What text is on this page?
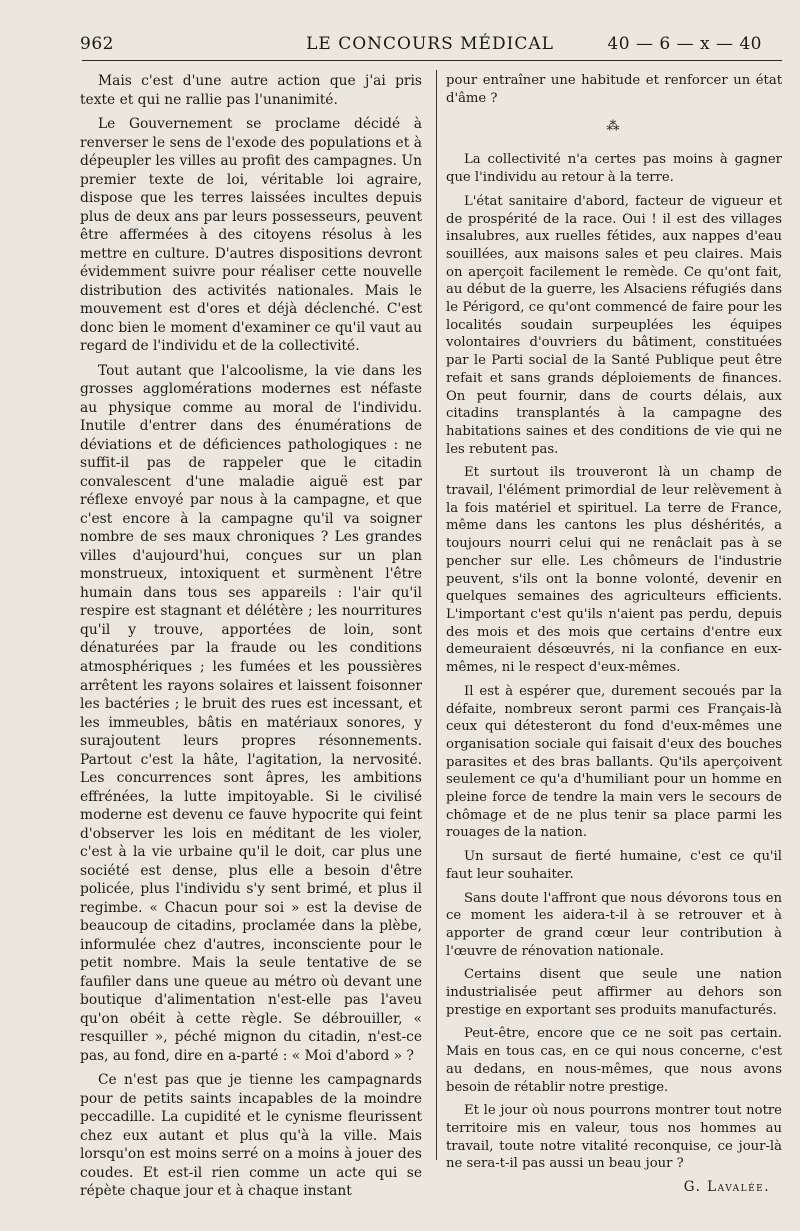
962	LE CONCOURS MÉDICAL	40 — 6 — x — 40

Mais c'est d'une autre action que j'ai pris texte et qui ne rallie pas l'unanimité.

Le Gouvernement se proclame décidé à renverser le sens de l'exode des populations et à dépeupler les villes au profit des campagnes. Un premier texte de loi, véritable loi agraire, dispose que les terres laissées incultes depuis plus de deux ans par leurs possesseurs, peuvent être affermées à des citoyens résolus à les mettre en culture. D'autres dispositions devront évidemment suivre pour réaliser cette nouvelle distribution des activités nationales. Mais le mouvement est d'ores et déjà déclenché. C'est donc bien le moment d'examiner ce qu'il vaut au regard de l'individu et de la collectivité.

Tout autant que l'alcoolisme, la vie dans les grosses agglomérations modernes est néfaste au physique comme au moral de l'individu. Inutile d'entrer dans des énumérations de déviations et de déficiences pathologiques : ne suffit-il pas de rappeler que le citadin convalescent d'une maladie aiguë est par réflexe envoyé par nous à la campagne, et que c'est encore à la campagne qu'il va soigner nombre de ses maux chroniques ? Les grandes villes d'aujourd'hui, conçues sur un plan monstrueux, intoxiquent et surmènent l'être humain dans tous ses appareils : l'air qu'il respire est stagnant et délétère ; les nourritures qu'il y trouve, apportées de loin, sont dénaturées par la fraude ou les conditions atmosphériques ; les fumées et les poussières arrêtent les rayons solaires et laissent foisonner les bactéries ; le bruit des rues est incessant, et les immeubles, bâtis en matériaux sonores, y surajoutent leurs propres résonnements. Partout c'est la hâte, l'agitation, la nervosité. Les concurrences sont âpres, les ambitions effrénées, la lutte impitoyable. Si le civilisé moderne est devenu ce fauve hypocrite qui feint d'observer les lois en méditant de les violer, c'est à la vie urbaine qu'il le doit, car plus une société est dense, plus elle a besoin d'être policée, plus l'individu s'y sent brimé, et plus il regimbe. « Chacun pour soi » est la devise de beaucoup de citadins, proclamée dans la plèbe, informulée chez d'autres, inconsciente pour le petit nombre. Mais la seule tentative de se faufiler dans une queue au métro où devant une boutique d'alimentation n'est-elle pas l'aveu qu'on obéit à cette règle. Se débrouiller, « resquiller », péché mignon du citadin, n'est-ce pas, au fond, dire en a-parté : « Moi d'abord » ?

Ce n'est pas que je tienne les campagnards pour de petits saints incapables de la moindre peccadille. La cupidité et le cynisme fleurissent chez eux autant et plus qu'à la ville. Mais lorsqu'on est moins serré on a moins à jouer des coudes. Et est-il rien comme un acte qui se répète chaque jour et à chaque instant

pour entraîner une habitude et renforcer un état d'âme ?

⁂

La collectivité n'a certes pas moins à gagner que l'individu au retour à la terre.

L'état sanitaire d'abord, facteur de vigueur et de prospérité de la race. Oui ! il est des villages insalubres, aux ruelles fétides, aux nappes d'eau souillées, aux maisons sales et peu claires. Mais on aperçoit facilement le remède. Ce qu'ont fait, au début de la guerre, les Alsaciens réfugiés dans le Périgord, ce qu'ont commencé de faire pour les localités soudain surpeuplées les équipes volontaires d'ouvriers du bâtiment, constituées par le Parti social de la Santé Publique peut être refait et sans grands déploiements de finances. On peut fournir, dans de courts délais, aux citadins transplantés à la campagne des habitations saines et des conditions de vie qui ne les rebutent pas.

Et surtout ils trouveront là un champ de travail, l'élément primordial de leur relèvement à la fois matériel et spirituel. La terre de France, même dans les cantons les plus déshérités, a toujours nourri celui qui ne renâclait pas à se pencher sur elle. Les chômeurs de l'industrie peuvent, s'ils ont la bonne volonté, devenir en quelques semaines des agriculteurs efficients. L'important c'est qu'ils n'aient pas perdu, depuis des mois et des mois que certains d'entre eux demeuraient désœuvrés, ni la confiance en eux-mêmes, ni le respect d'eux-mêmes.

Il est à espérer que, durement secoués par la défaite, nombreux seront parmi ces Français-là ceux qui détesteront du fond d'eux-mêmes une organisation sociale qui faisait d'eux des bouches parasites et des bras ballants. Qu'ils aperçoivent seulement ce qu'a d'humiliant pour un homme en pleine force de tendre la main vers le secours de chômage et de ne plus tenir sa place parmi les rouages de la nation.

Un sursaut de fierté humaine, c'est ce qu'il faut leur souhaiter.

Sans doute l'affront que nous dévorons tous en ce moment les aidera-t-il à se retrouver et à apporter de grand cœur leur contribution à l'œuvre de rénovation nationale.

Certains disent que seule une nation industrialisée peut affirmer au dehors son prestige en exportant ses produits manufacturés.

Peut-être, encore que ce ne soit pas certain. Mais en tous cas, en ce qui nous concerne, c'est au dedans, en nous-mêmes, que nous avons besoin de rétablir notre prestige.

Et le jour où nous pourrons montrer tout notre territoire mis en valeur, tous nos hommes au travail, toute notre vitalité reconquise, ce jour-là ne sera-t-il pas aussi un beau jour ?

G. Lavalée.
